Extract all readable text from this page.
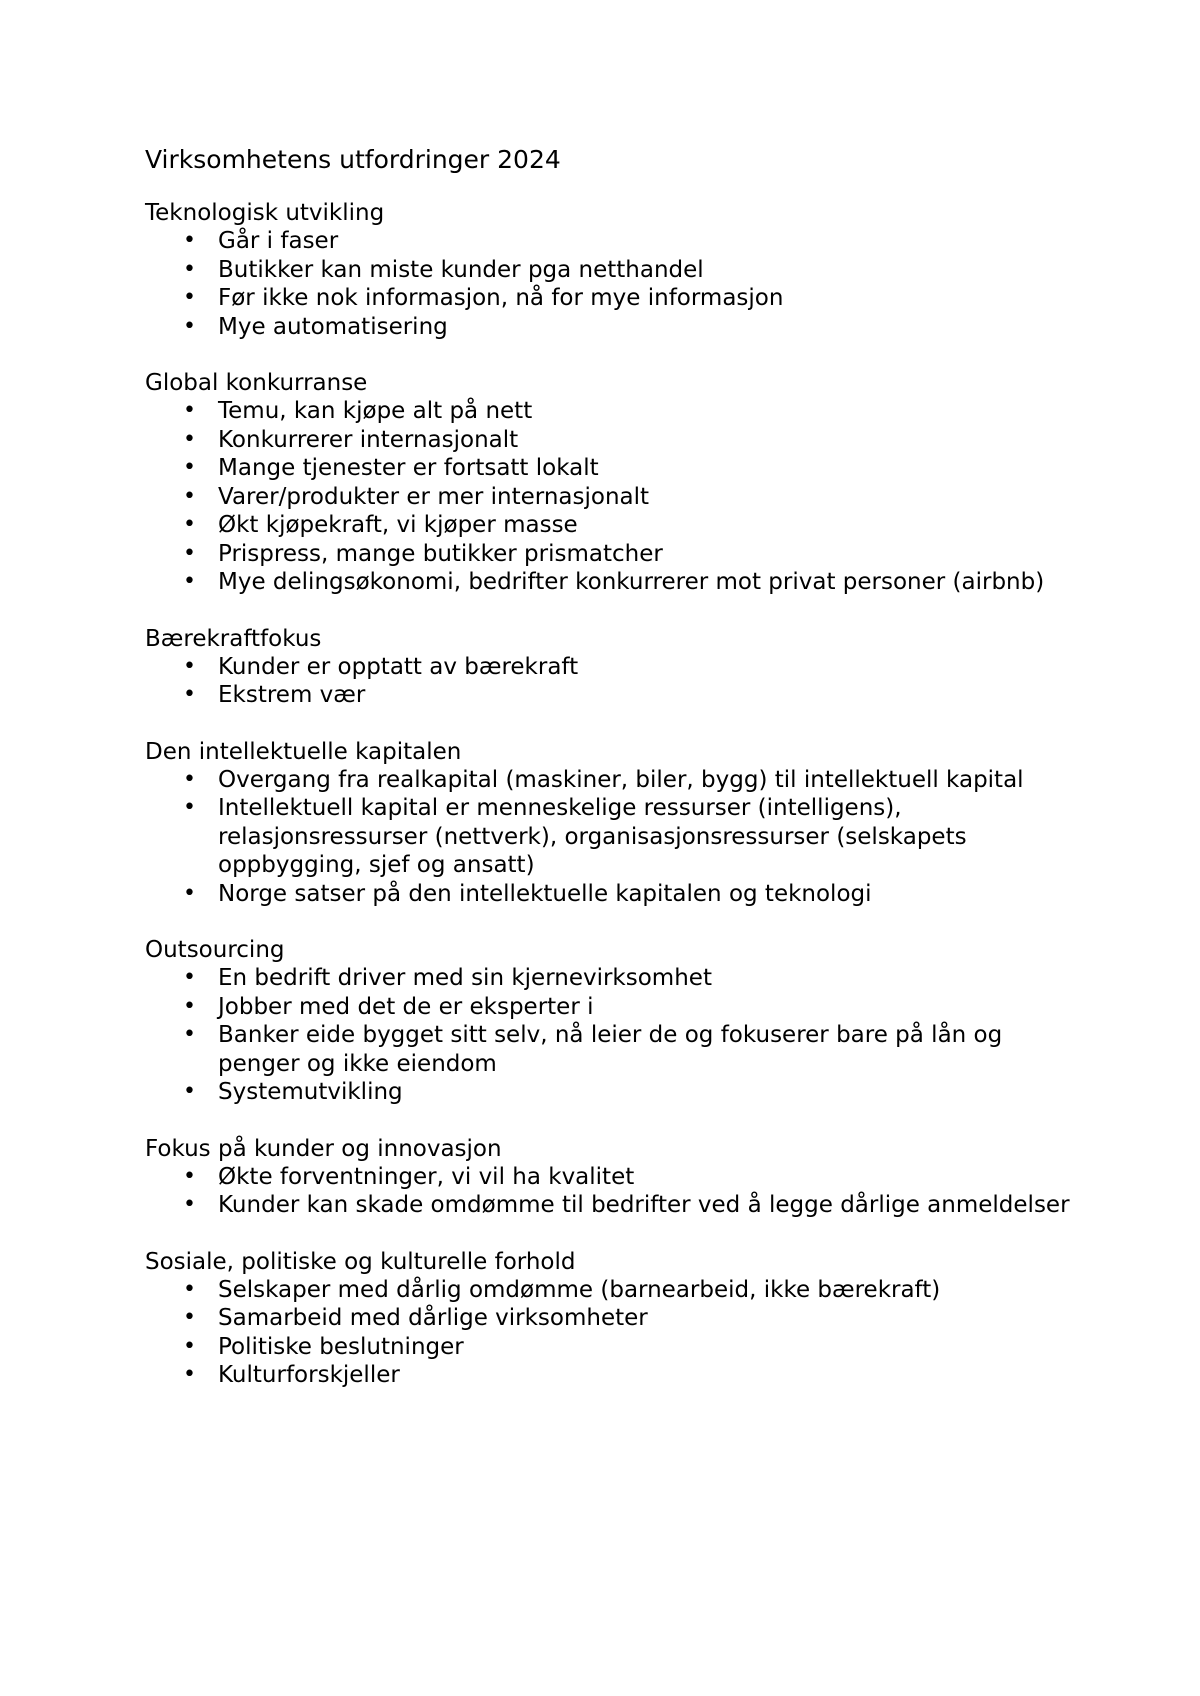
Virksomhetens utfordringer 2024
Teknologisk utvikling
• Går i faser
• Butikker kan miste kunder pga netthandel
• Før ikke nok informasjon, nå for mye informasjon
• Mye automatisering
Global konkurranse
• Temu, kan kjøpe alt på nett
• Konkurrerer internasjonalt
• Mange tjenester er fortsatt lokalt
• Varer/produkter er mer internasjonalt
• Økt kjøpekraft, vi kjøper masse
• Prispress, mange butikker prismatcher
• Mye delingsøkonomi, bedrifter konkurrerer mot privat personer (airbnb)
Bærekraftfokus
• Kunder er opptatt av bærekraft
• Ekstrem vær
Den intellektuelle kapitalen
• Overgang fra realkapital (maskiner, biler, bygg) til intellektuell kapital
• Intellektuell kapital er menneskelige ressurser (intelligens), relasjonsressurser (nettverk), organisasjonsressurser (selskapets oppbygging, sjef og ansatt)
• Norge satser på den intellektuelle kapitalen og teknologi
Outsourcing
• En bedrift driver med sin kjernevirksomhet
• Jobber med det de er eksperter i
• Banker eide bygget sitt selv, nå leier de og fokuserer bare på lån og penger og ikke eiendom
• Systemutvikling
Fokus på kunder og innovasjon
• Økte forventninger, vi vil ha kvalitet
• Kunder kan skade omdømme til bedrifter ved å legge dårlige anmeldelser
Sosiale, politiske og kulturelle forhold
• Selskaper med dårlig omdømme (barnearbeid, ikke bærekraft)
• Samarbeid med dårlige virksomheter
• Politiske beslutninger
• Kulturforskjeller
